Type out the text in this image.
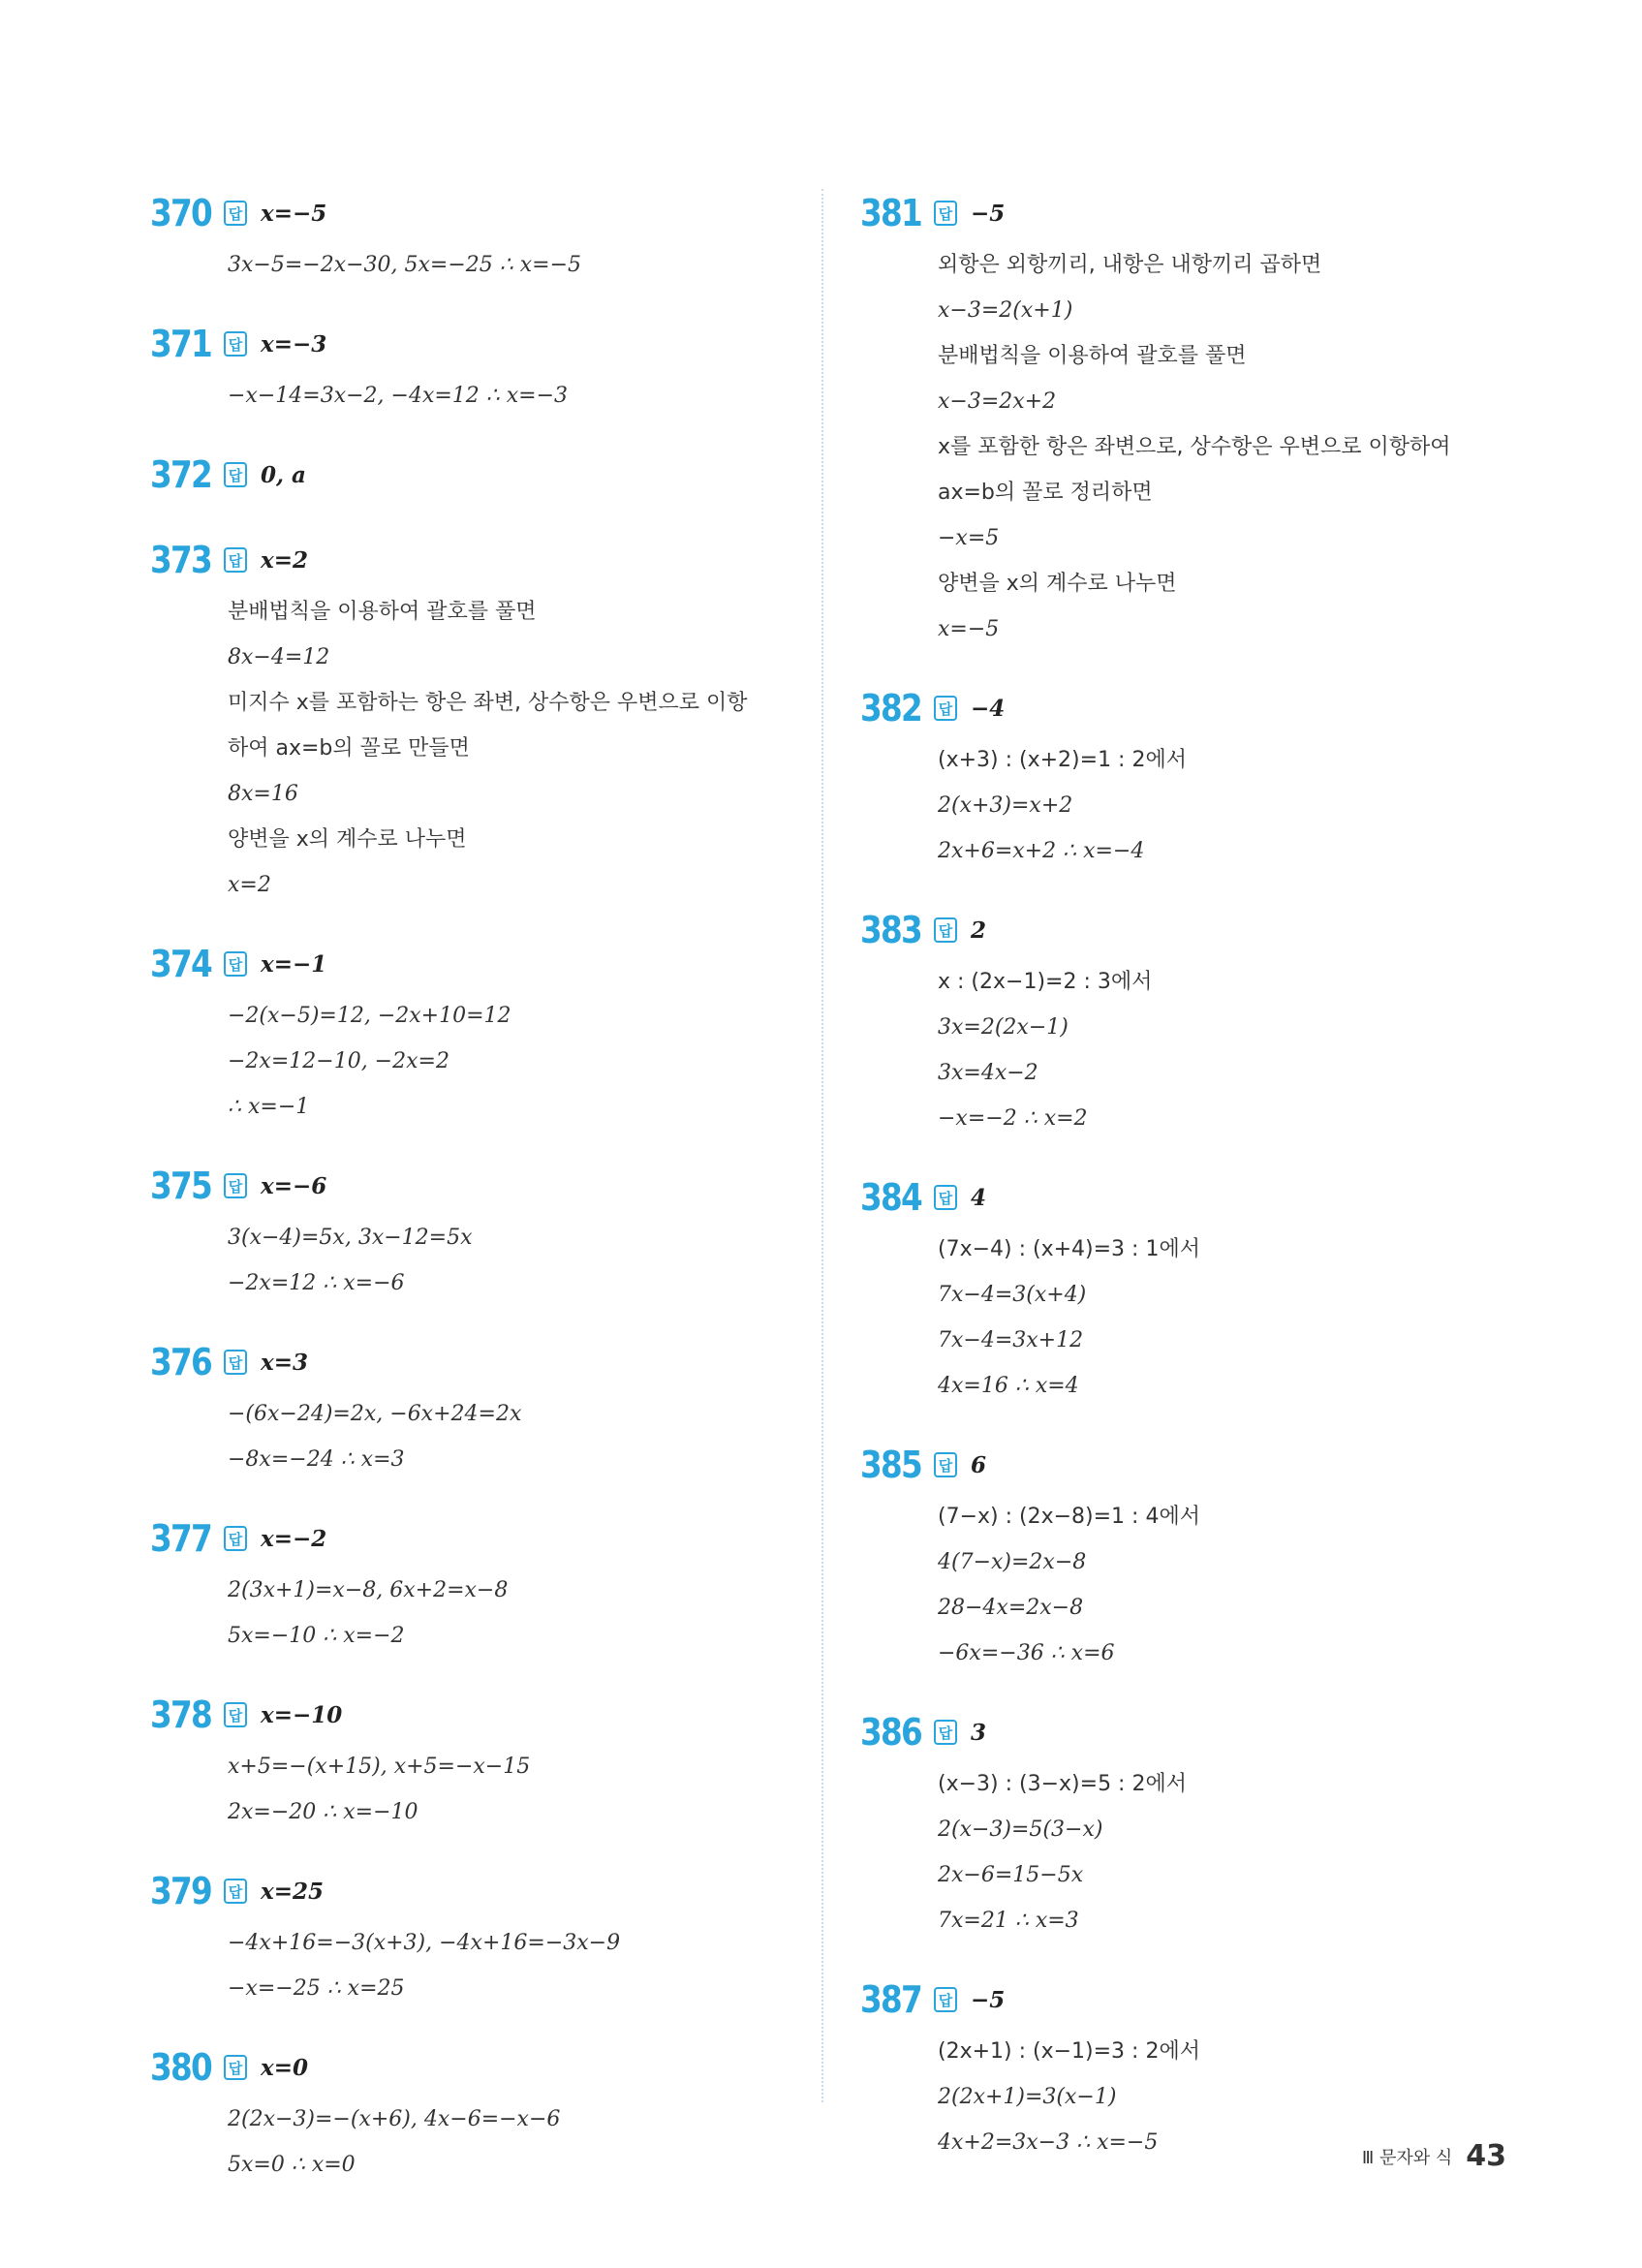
370	답 x=−5
3x−5=−2x−30, 5x=−25 ∴ x=−5
371	답 x=−3
−x−14=3x−2, −4x=12 ∴ x=−3
372	답 0, a
373	답 x=2
분배법칙을 이용하여 괄호를 풀면
8x−4=12
미지수 x를 포함하는 항은 좌변, 상수항은 우변으로 이항
하여 ax=b의 꼴로 만들면
8x=16
양변을 x의 계수로 나누면
x=2
374	답 x=−1
−2(x−5)=12, −2x+10=12
−2x=12−10, −2x=2
∴ x=−1
375	답 x=−6
3(x−4)=5x, 3x−12=5x
−2x=12 ∴ x=−6
376	답 x=3
−(6x−24)=2x, −6x+24=2x
−8x=−24 ∴ x=3
377	답 x=−2
2(3x+1)=x−8, 6x+2=x−8
5x=−10 ∴ x=−2
378	답 x=−10
x+5=−(x+15), x+5=−x−15
2x=−20 ∴ x=−10
379	답 x=25
−4x+16=−3(x+3), −4x+16=−3x−9
−x=−25 ∴ x=25
380	답 x=0
2(2x−3)=−(x+6), 4x−6=−x−6
5x=0 ∴ x=0
381	답 −5
외항은 외항끼리, 내항은 내항끼리 곱하면
x−3=2(x+1)
분배법칙을 이용하여 괄호를 풀면
x−3=2x+2
x를 포함한 항은 좌변으로, 상수항은 우변으로 이항하여
ax=b의 꼴로 정리하면
−x=5
양변을 x의 계수로 나누면
x=−5
382	답 −4
(x+3) : (x+2)=1 : 2에서
2(x+3)=x+2
2x+6=x+2 ∴ x=−4
383	답 2
x : (2x−1)=2 : 3에서
3x=2(2x−1)
3x=4x−2
−x=−2 ∴ x=2
384	답 4
(7x−4) : (x+4)=3 : 1에서
7x−4=3(x+4)
7x−4=3x+12
4x=16 ∴ x=4
385	답 6
(7−x) : (2x−8)=1 : 4에서
4(7−x)=2x−8
28−4x=2x−8
−6x=−36 ∴ x=6
386	답 3
(x−3) : (3−x)=5 : 2에서
2(x−3)=5(3−x)
2x−6=15−5x
7x=21 ∴ x=3
387	답 −5
(2x+1) : (x−1)=3 : 2에서
2(2x+1)=3(x−1)
4x+2=3x−3 ∴ x=−5
Ⅲ 문자와 식 43
